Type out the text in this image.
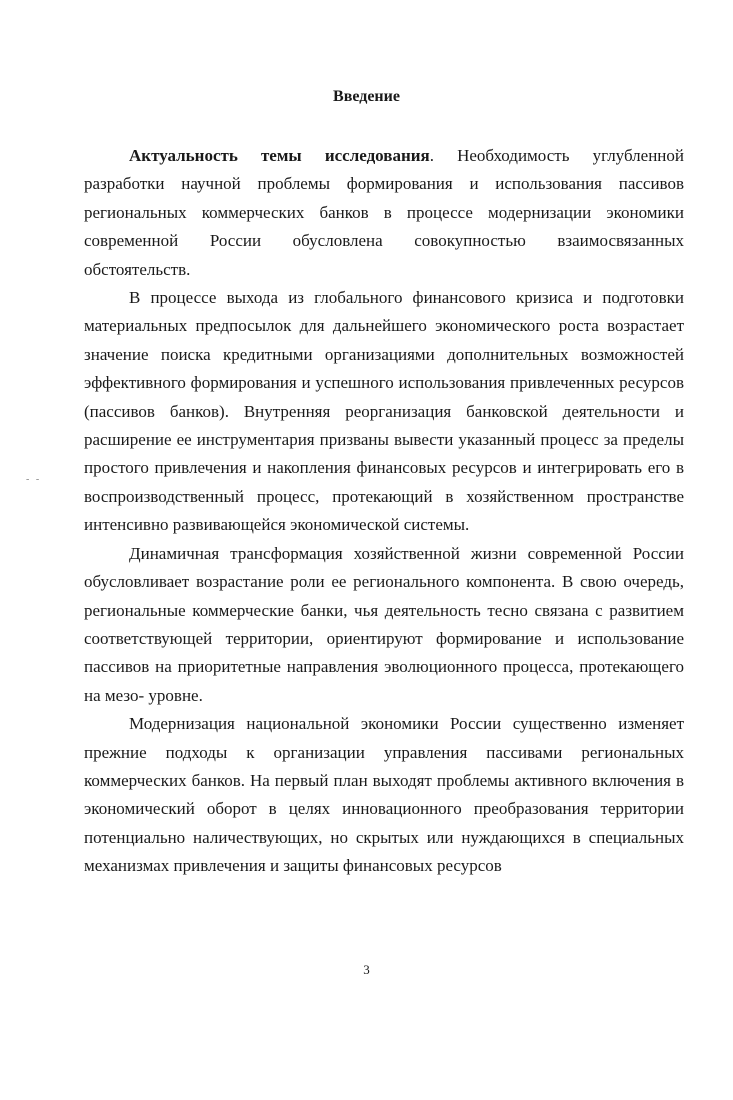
Введение

Актуальность темы исследования. Необходимость углубленной разработки научной проблемы формирования и использования пассивов региональных коммерческих банков в процессе модернизации экономики современной России обусловлена совокупностью взаимосвязанных обстоятельств.

В процессе выхода из глобального финансового кризиса и подготовки материальных предпосылок для дальнейшего экономического роста возрастает значение поиска кредитными организациями дополнительных возможностей эффективного формирования и успешного использования привлеченных ресурсов (пассивов банков). Внутренняя реорганизация банковской деятельности и расширение ее инструментария призваны вывести указанный процесс за пределы простого привлечения и накопления финансовых ресурсов и интегрировать его в воспроизводственный процесс, протекающий в хозяйственном пространстве интенсивно развивающейся экономической системы.

Динамичная трансформация хозяйственной жизни современной России обусловливает возрастание роли ее регионального компонента. В свою очередь, региональные коммерческие банки, чья деятельность тесно связана с развитием соответствующей территории, ориентируют формирование и использование пассивов на приоритетные направления эволюционного процесса, протекающего на мезо- уровне.

Модернизация национальной экономики России существенно изменяет прежние подходы к организации управления пассивами региональных коммерческих банков. На первый план выходят проблемы активного включения в экономический оборот в целях инновационного преобразования территории потенциально наличествующих, но скрытых или нуждающихся в специальных механизмах привлечения и защиты финансовых ресурсов

- -
3
